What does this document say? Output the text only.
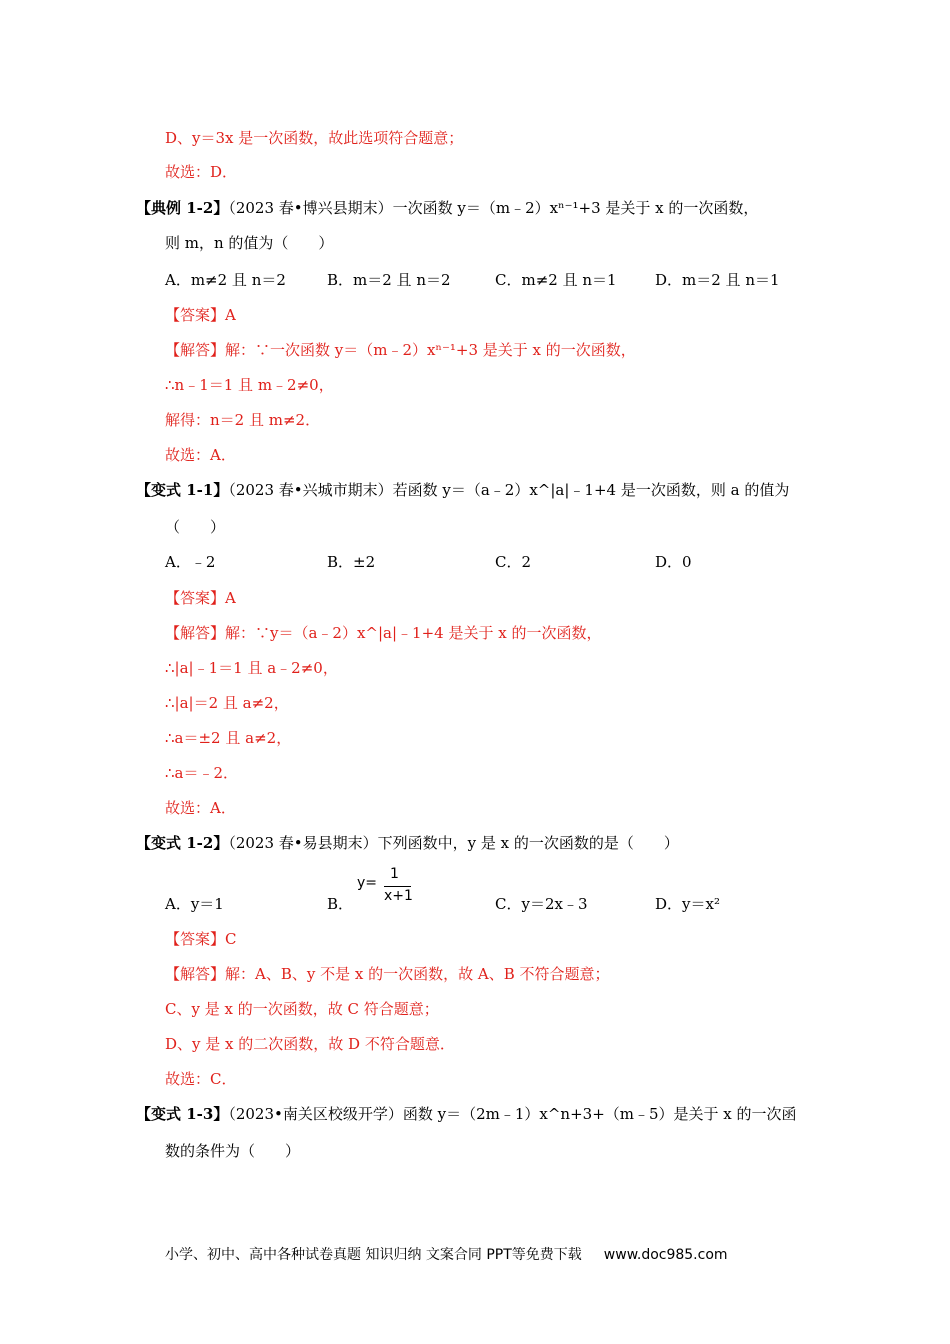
D、y＝3x 是一次函数，故此选项符合题意；
故选：D．
【典例 1-2】（2023 春•博兴县期末）一次函数 y＝（m﹣2）xⁿ⁻¹+3 是关于 x 的一次函数，
则 m，n 的值为（　　）
A．m≠2 且 n＝2	B．m＝2 且 n＝2	C．m≠2 且 n＝1	D．m＝2 且 n＝1
【答案】A
【解答】解：∵一次函数 y＝（m﹣2）xⁿ⁻¹+3 是关于 x 的一次函数，
∴n﹣1＝1 且 m﹣2≠0，
解得：n＝2 且 m≠2．
故选：A．
【变式 1-1】（2023 春•兴城市期末）若函数 y＝（a﹣2）x^|a|﹣1+4 是一次函数，则 a 的值为
（　　）
A．﹣2	B．±2	C．2	D．0
【答案】A
【解答】解：∵y＝（a﹣2）x^|a|﹣1+4 是关于 x 的一次函数，
∴|a|﹣1＝1 且 a﹣2≠0，
∴|a|＝2 且 a≠2，
∴a＝±2 且 a≠2，
∴a＝﹣2．
故选：A．
【变式 1-2】（2023 春•易县期末）下列函数中，y 是 x 的一次函数的是（　　）
A．y＝1	B．
y=
1
x+1	C．y＝2x﹣3	D．y＝x²
【答案】C
【解答】解：A、B、y 不是 x 的一次函数，故 A、B 不符合题意；
C、y 是 x 的一次函数，故 C 符合题意；
D、y 是 x 的二次函数，故 D 不符合题意．
故选：C．
【变式 1-3】（2023•南关区校级开学）函数 y＝（2m﹣1）x^n+3+（m﹣5）是关于 x 的一次函
数的条件为（　　）
小学、初中、高中各种试卷真题 知识归纳 文案合同 PPT等免费下载 www.doc985.com
